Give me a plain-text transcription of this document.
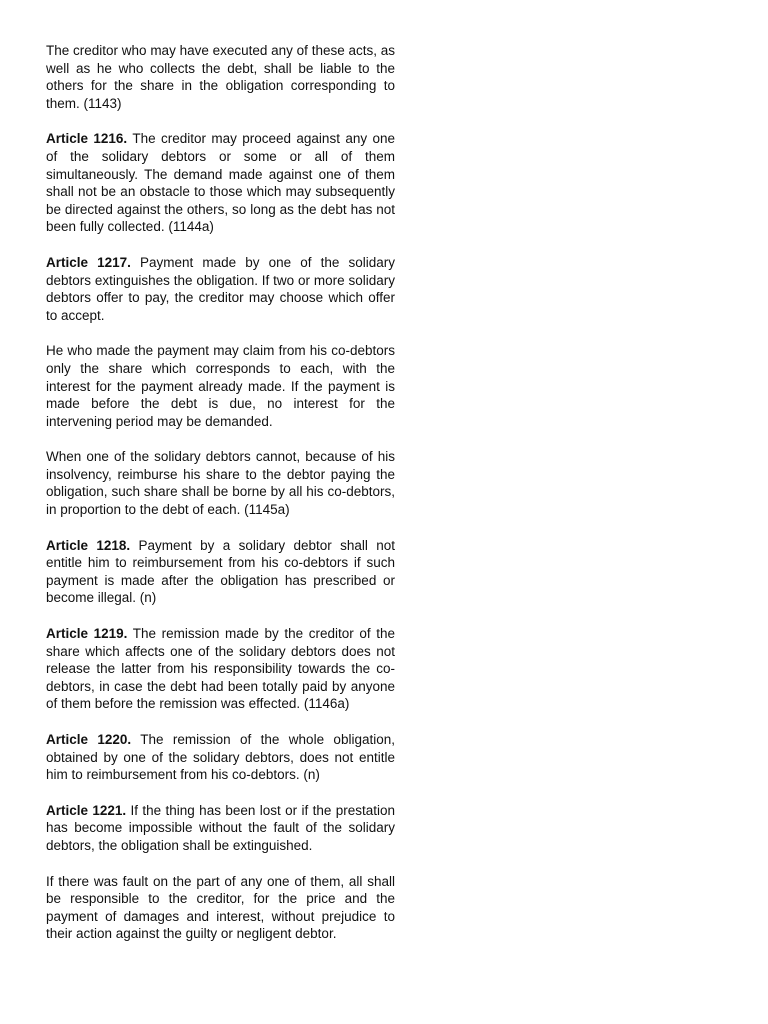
The creditor who may have executed any of these acts, as well as he who collects the debt, shall be liable to the others for the share in the obligation corresponding to them. (1143)

Article 1216. The creditor may proceed against any one of the solidary debtors or some or all of them simultaneously. The demand made against one of them shall not be an obstacle to those which may subsequently be directed against the others, so long as the debt has not been fully collected. (1144a)

Article 1217. Payment made by one of the solidary debtors extinguishes the obligation. If two or more solidary debtors offer to pay, the creditor may choose which offer to accept.

He who made the payment may claim from his co-debtors only the share which corresponds to each, with the interest for the payment already made. If the payment is made before the debt is due, no interest for the intervening period may be demanded.

When one of the solidary debtors cannot, because of his insolvency, reimburse his share to the debtor paying the obligation, such share shall be borne by all his co-debtors, in proportion to the debt of each. (1145a)

Article 1218. Payment by a solidary debtor shall not entitle him to reimbursement from his co-debtors if such payment is made after the obligation has prescribed or become illegal. (n)

Article 1219. The remission made by the creditor of the share which affects one of the solidary debtors does not release the latter from his responsibility towards the co-debtors, in case the debt had been totally paid by anyone of them before the remission was effected. (1146a)

Article 1220. The remission of the whole obligation, obtained by one of the solidary debtors, does not entitle him to reimbursement from his co-debtors. (n)

Article 1221. If the thing has been lost or if the prestation has become impossible without the fault of the solidary debtors, the obligation shall be extinguished.

If there was fault on the part of any one of them, all shall be responsible to the creditor, for the price and the payment of damages and interest, without prejudice to their action against the guilty or negligent debtor.
